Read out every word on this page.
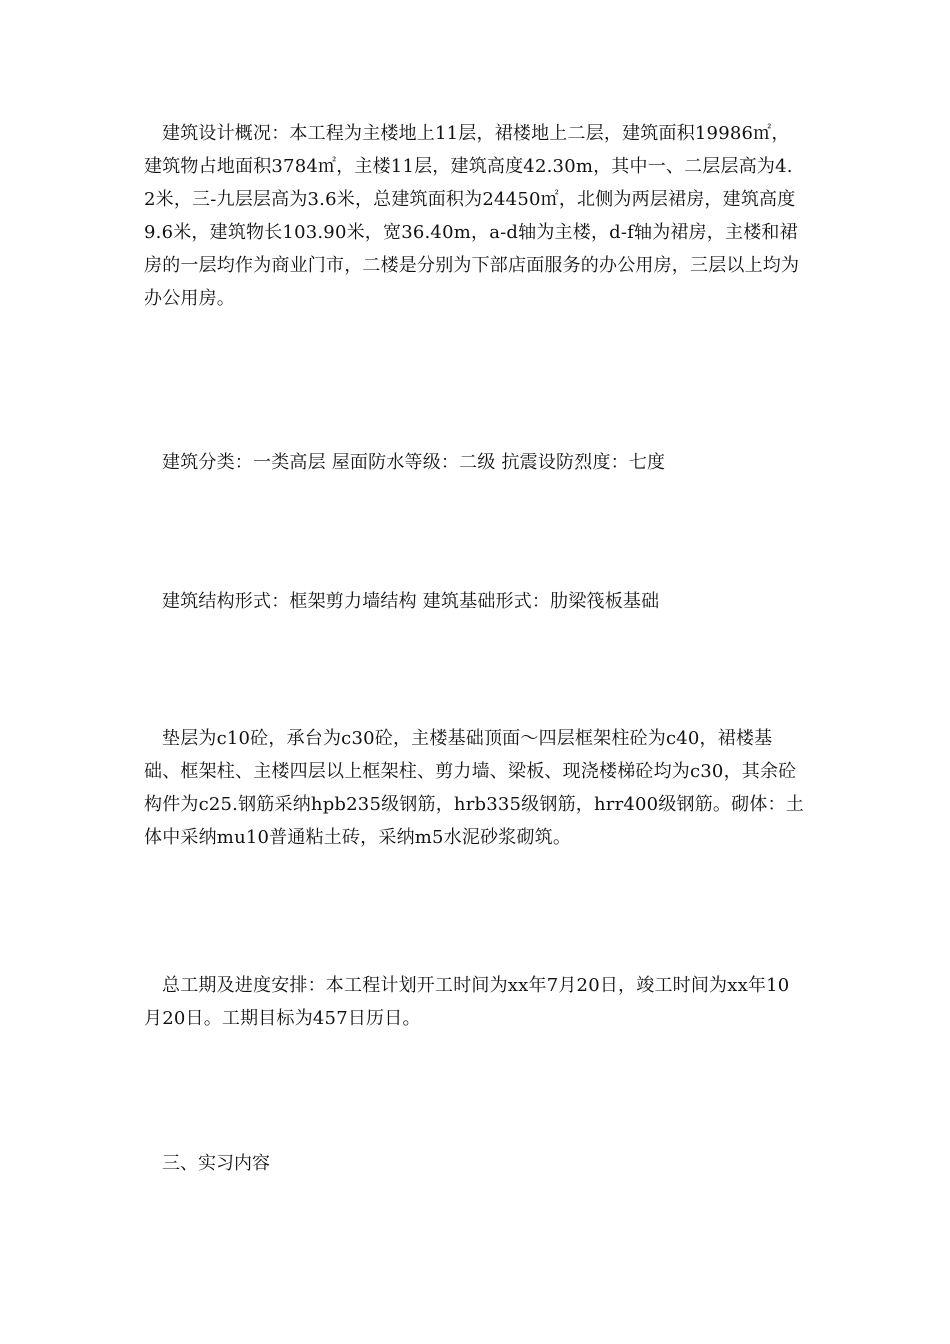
建筑设计概况：本工程为主楼地上11层，裙楼地上二层，建筑面积19986㎡，建筑物占地面积3784㎡，主楼11层，建筑高度42.30m，其中一、二层层高为4.2米，三-九层层高为3.6米，总建筑面积为24450㎡，北侧为两层裙房，建筑高度9.6米，建筑物长103.90米，宽36.40m，a-d轴为主楼，d-f轴为裙房，主楼和裙房的一层均作为商业门市，二楼是分别为下部店面服务的办公用房，三层以上均为办公用房。

建筑分类：一类高层 屋面防水等级：二级 抗震设防烈度：七度

建筑结构形式：框架剪力墙结构 建筑基础形式：肋梁筏板基础

垫层为c10砼，承台为c30砼，主楼基础顶面～四层框架柱砼为c40，裙楼基础、框架柱、主楼四层以上框架柱、剪力墙、梁板、现浇楼梯砼均为c30，其余砼构件为c25.钢筋采纳hpb235级钢筋，hrb335级钢筋，hrr400级钢筋。砌体：土体中采纳mu10普通粘土砖，采纳m5水泥砂浆砌筑。

总工期及进度安排：本工程计划开工时间为xx年7月20日，竣工时间为xx年10月20日。工期目标为457日历日。

三、实习内容
